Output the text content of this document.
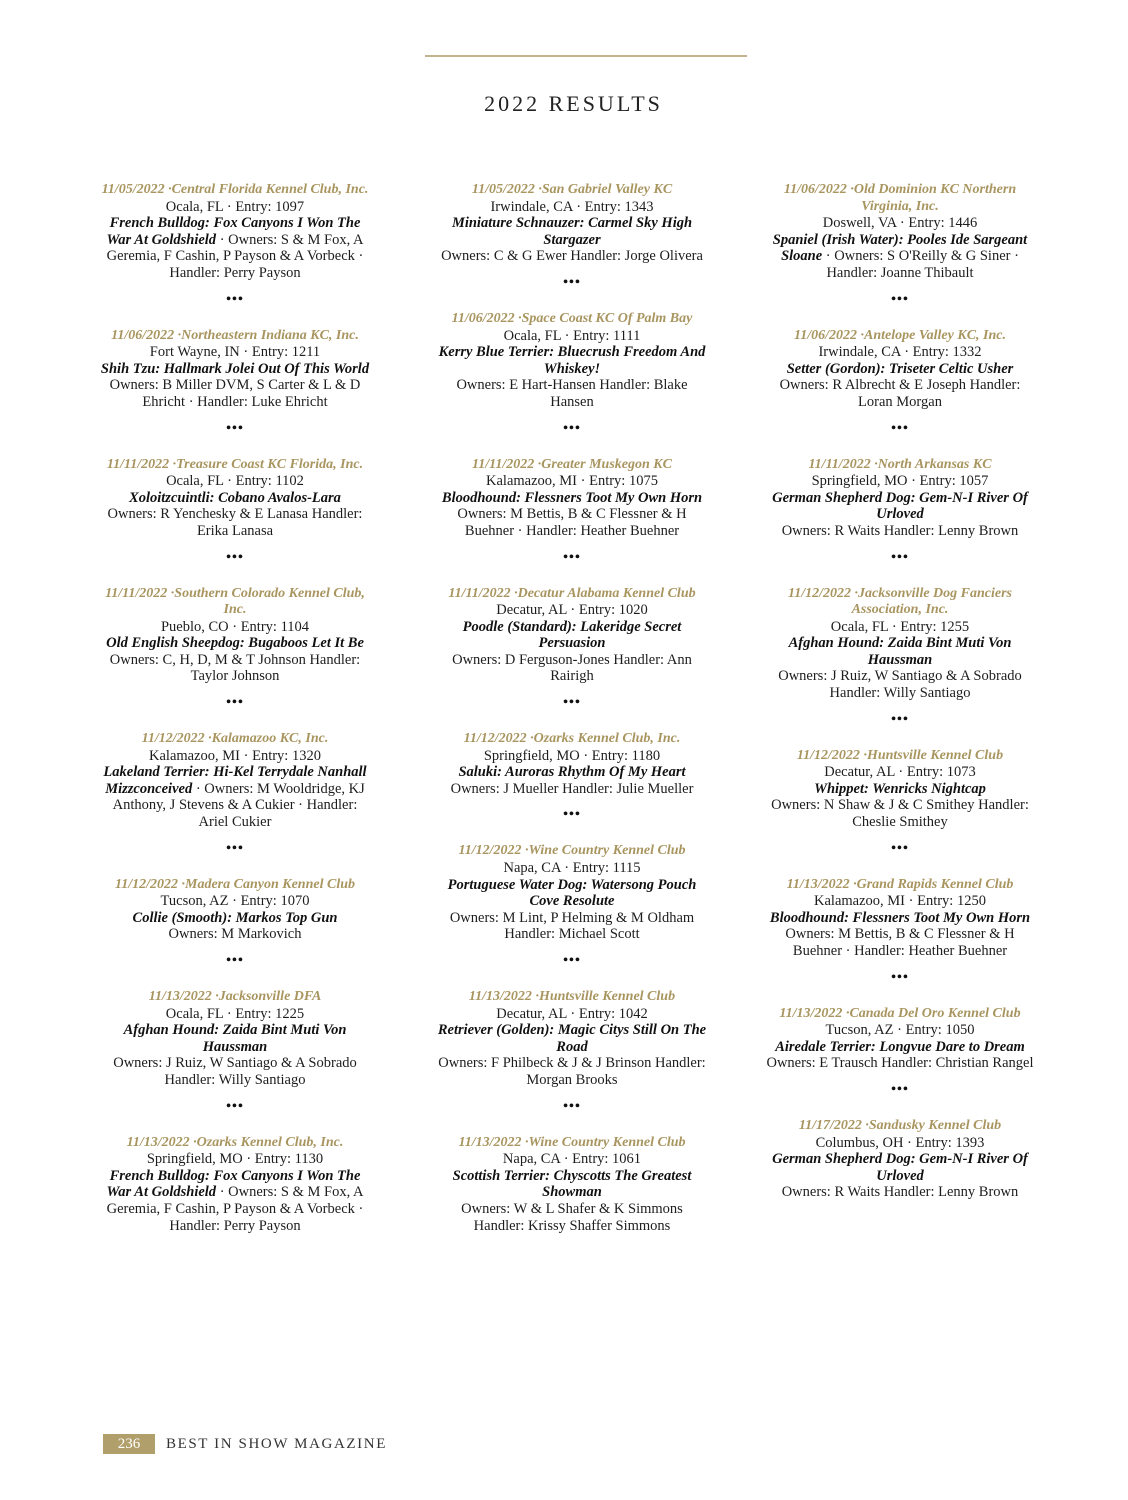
2022 RESULTS
11/05/2022 · Central Florida Kennel Club, Inc.
Ocala, FL · Entry: 1097
French Bulldog: Fox Canyons I Won The War At Goldshield · Owners: S & M Fox, A Geremia, F Cashin, P Payson & A Vorbeck · Handler: Perry Payson
•••
11/06/2022 · Northeastern Indiana KC, Inc.
Fort Wayne, IN · Entry: 1211
Shih Tzu: Hallmark Jolei Out Of This World
Owners: B Miller DVM, S Carter & L & D Ehricht · Handler: Luke Ehricht
•••
11/11/2022 · Treasure Coast KC Florida, Inc.
Ocala, FL · Entry: 1102
Xoloitzcuintli: Cobano Avalos-Lara
Owners: R Yenchesky & E Lanasa Handler: Erika Lanasa
•••
11/11/2022 · Southern Colorado Kennel Club, Inc.
Pueblo, CO · Entry: 1104
Old English Sheepdog: Bugaboos Let It Be
Owners: C, H, D, M & T Johnson Handler: Taylor Johnson
•••
11/12/2022 · Kalamazoo KC, Inc.
Kalamazoo, MI · Entry: 1320
Lakeland Terrier: Hi-Kel Terrydale Nanhall Mizzconceived · Owners: M Wooldridge, KJ Anthony, J Stevens & A Cukier · Handler: Ariel Cukier
•••
11/12/2022 · Madera Canyon Kennel Club
Tucson, AZ · Entry: 1070
Collie (Smooth): Markos Top Gun
Owners: M Markovich
•••
11/13/2022 · Jacksonville DFA
Ocala, FL · Entry: 1225
Afghan Hound: Zaida Bint Muti Von Haussman
Owners: J Ruiz, W Santiago & A Sobrado Handler: Willy Santiago
•••
11/13/2022 · Ozarks Kennel Club, Inc.
Springfield, MO · Entry: 1130
French Bulldog: Fox Canyons I Won The War At Goldshield · Owners: S & M Fox, A Geremia, F Cashin, P Payson & A Vorbeck · Handler: Perry Payson
11/05/2022 · San Gabriel Valley KC
Irwindale, CA · Entry: 1343
Miniature Schnauzer: Carmel Sky High Stargazer
Owners: C & G Ewer Handler: Jorge Olivera
•••
11/06/2022 · Space Coast KC Of Palm Bay
Ocala, FL · Entry: 1111
Kerry Blue Terrier: Bluecrush Freedom And Whiskey!
Owners: E Hart-Hansen Handler: Blake Hansen
•••
11/11/2022 · Greater Muskegon KC
Kalamazoo, MI · Entry: 1075
Bloodhound: Flessners Toot My Own Horn
Owners: M Bettis, B & C Flessner & H Buehner · Handler: Heather Buehner
•••
11/11/2022 · Decatur Alabama Kennel Club
Decatur, AL · Entry: 1020
Poodle (Standard): Lakeridge Secret Persuasion
Owners: D Ferguson-Jones Handler: Ann Rairigh
•••
11/12/2022 · Ozarks Kennel Club, Inc.
Springfield, MO · Entry: 1180
Saluki: Auroras Rhythm Of My Heart
Owners: J Mueller Handler: Julie Mueller
•••
11/12/2022 · Wine Country Kennel Club
Napa, CA · Entry: 1115
Portuguese Water Dog: Watersong Pouch Cove Resolute
Owners: M Lint, P Helming & M Oldham Handler: Michael Scott
•••
11/13/2022 · Huntsville Kennel Club
Decatur, AL · Entry: 1042
Retriever (Golden): Magic Citys Still On The Road
Owners: F Philbeck & J & J Brinson Handler: Morgan Brooks
•••
11/13/2022 · Wine Country Kennel Club
Napa, CA · Entry: 1061
Scottish Terrier: Chyscotts The Greatest Showman
Owners: W & L Shafer & K Simmons Handler: Krissy Shaffer Simmons
11/06/2022 · Old Dominion KC Northern Virginia, Inc.
Doswell, VA · Entry: 1446
Spaniel (Irish Water): Pooles Ide Sargeant Sloane · Owners: S O'Reilly & G Siner · Handler: Joanne Thibault
•••
11/06/2022 · Antelope Valley KC, Inc.
Irwindale, CA · Entry: 1332
Setter (Gordon): Triseter Celtic Usher
Owners: R Albrecht & E Joseph Handler: Loran Morgan
•••
11/11/2022 · North Arkansas KC
Springfield, MO · Entry: 1057
German Shepherd Dog: Gem-N-I River Of Urloved
Owners: R Waits Handler: Lenny Brown
•••
11/12/2022 · Jacksonville Dog Fanciers Association, Inc.
Ocala, FL · Entry: 1255
Afghan Hound: Zaida Bint Muti Von Haussman
Owners: J Ruiz, W Santiago & A Sobrado Handler: Willy Santiago
•••
11/12/2022 · Huntsville Kennel Club
Decatur, AL · Entry: 1073
Whippet: Wenricks Nightcap
Owners: N Shaw & J & C Smithey Handler: Cheslie Smithey
•••
11/13/2022 · Grand Rapids Kennel Club
Kalamazoo, MI · Entry: 1250
Bloodhound: Flessners Toot My Own Horn
Owners: M Bettis, B & C Flessner & H Buehner · Handler: Heather Buehner
•••
11/13/2022 · Canada Del Oro Kennel Club
Tucson, AZ · Entry: 1050
Airedale Terrier: Longvue Dare to Dream
Owners: E Trausch Handler: Christian Rangel
•••
11/17/2022 · Sandusky Kennel Club
Columbus, OH · Entry: 1393
German Shepherd Dog: Gem-N-I River Of Urloved
Owners: R Waits Handler: Lenny Brown
236	BEST IN SHOW MAGAZINE
